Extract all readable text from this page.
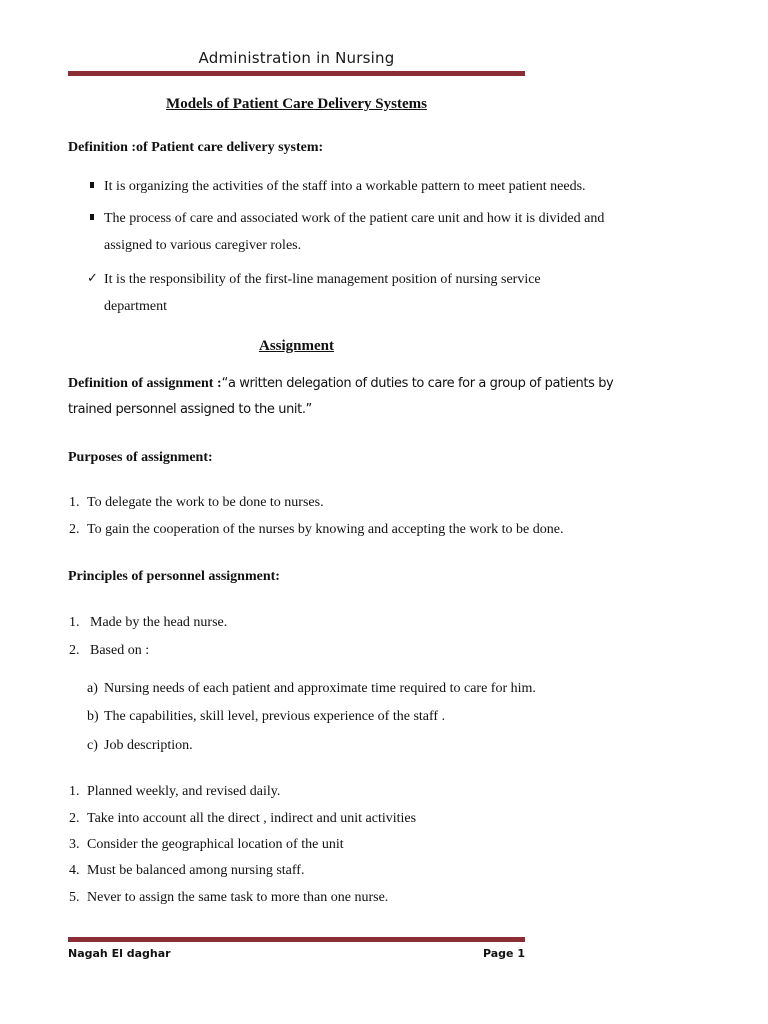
Administration in Nursing
Models of Patient Care Delivery Systems
Definition :of Patient care delivery system:
It is organizing the activities of the staff into a workable pattern to meet patient needs.
The process of care and associated work of the patient care unit and how it is divided and
assigned to various caregiver roles.
✓ It is the responsibility of the first-line management position of nursing service
department
Assignment
Definition of assignment :“a written delegation of duties to care for a group of patients by
trained personnel assigned to the unit.”
Purposes of assignment:
1. To delegate the work to be done to nurses.
2. To gain the cooperation of the nurses by knowing and accepting the work to be done.
Principles of personnel assignment:
1. Made by the head nurse.
2. Based on :
a) Nursing needs of each patient and approximate time required to care for him.
b) The capabilities, skill level, previous experience of the staff .
c) Job description.
1. Planned weekly, and revised daily.
2. Take into account all the direct , indirect and unit activities
3. Consider the geographical location of the unit
4. Must be balanced among nursing staff.
5. Never to assign the same task to more than one nurse.
Nagah El daghar	Page 1
